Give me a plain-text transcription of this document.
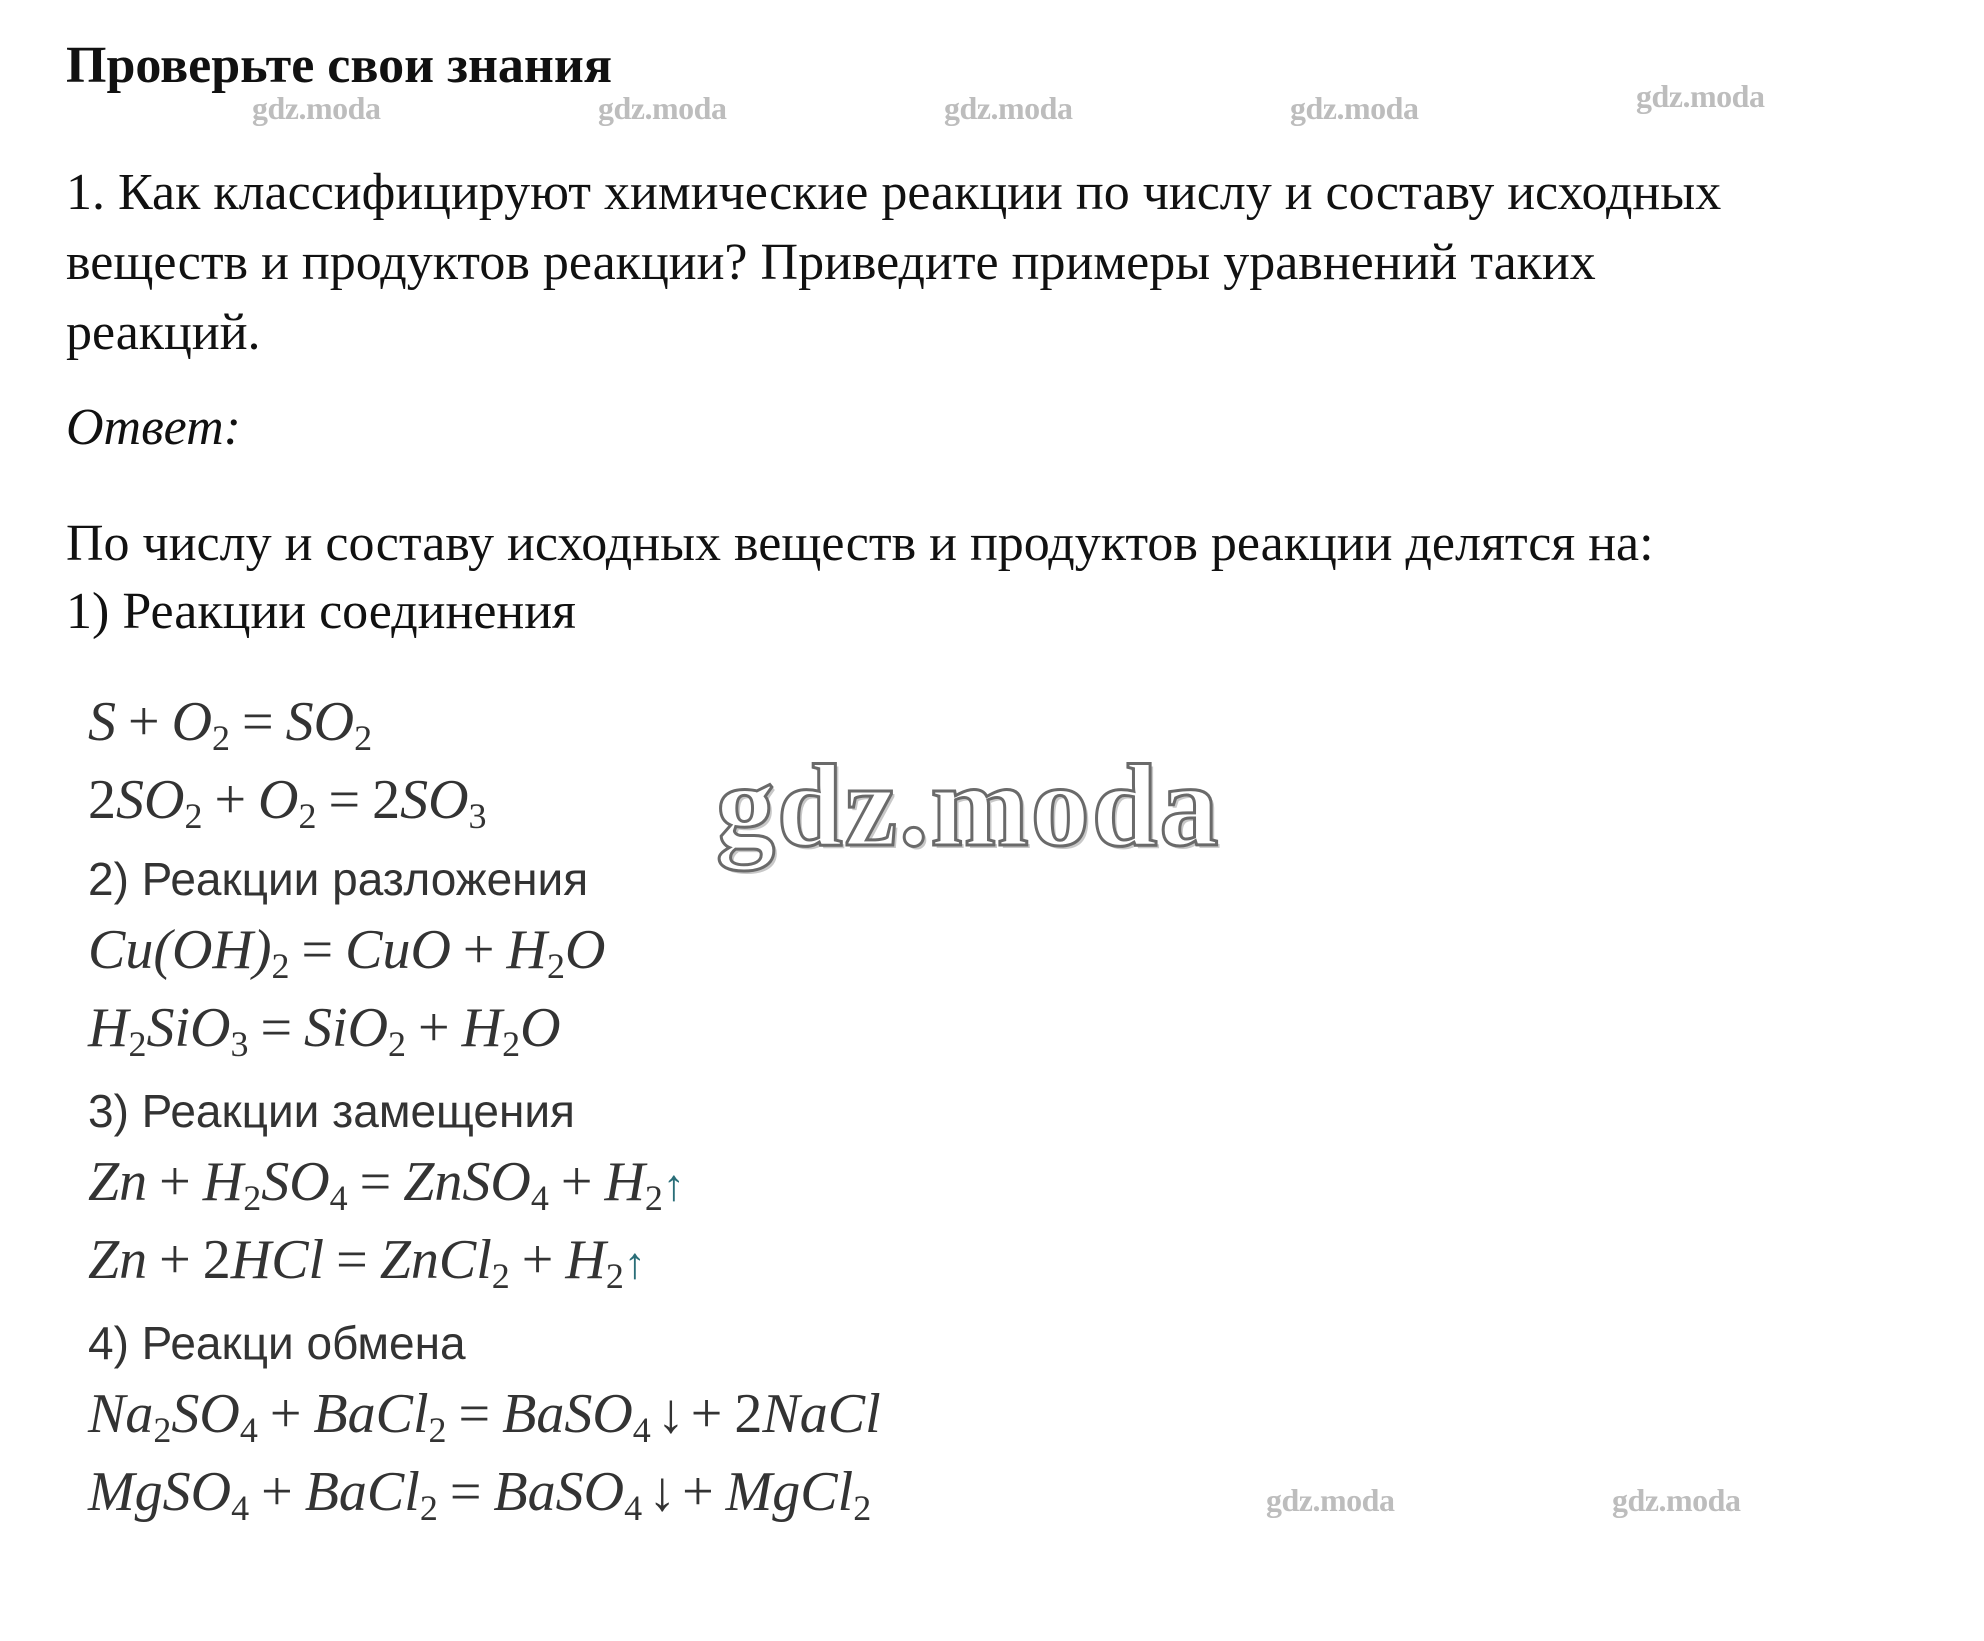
Проверьте свои знания
1. Как классифицируют химические реакции по числу и составу исходных
веществ и продуктов реакции? Приведите примеры уравнений таких
реакций.
Ответ:
По числу и составу исходных веществ и продуктов реакции делятся на:
1) Реакции соединения
$S + O_2 = SO_2$
$2SO_2 + O_2 = 2SO_3$
2) Реакции разложения
$Cu(OH)_2$ = CuO + $H_2O$
$H_2SiO_3 = SiO_2 + H_2O$
3) Реакции замещения
$Zn + H_2SO_4$ = ZnSO$_4$ + $H_2↑$
Zn + 2HCl = ZnCl$_2$ + $H_2↑$
4) Реакци обмена
$Na_2SO_4$ + BaCl$_2$ = BaSO$_4$ ↓ + 2NaCl
MgSO$_4$ + BaCl$_2$ = BaSO$_4$ ↓ + MgCl$_2$
gdz.moda	gdz.moda	gdz.moda	gdz.moda	gdz.moda
gdz.moda
gdz.moda	gdz.moda
